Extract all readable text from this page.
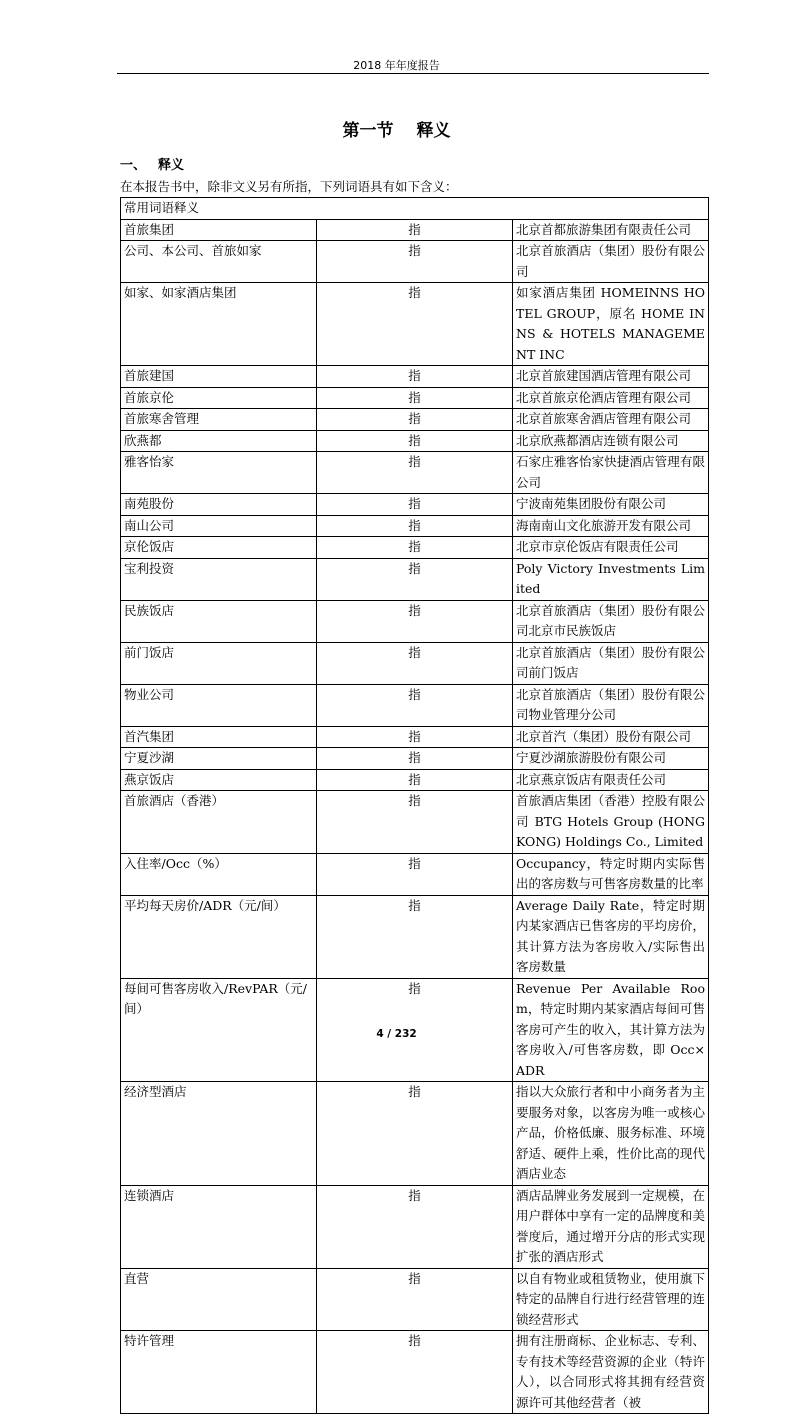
2018 年年度报告
第一节　 释义
一、 释义
在本报告书中，除非文义另有所指，下列词语具有如下含义：
常用词语释义		
首旅集团	指	北京首都旅游集团有限责任公司
公司、本公司、首旅如家	指	北京首旅酒店（集团）股份有限公司
如家、如家酒店集团	指	如家酒店集团 HOMEINNS HOTEL GROUP，原名 HOME INNS & HOTELS MANAGEMENT INC
首旅建国	指	北京首旅建国酒店管理有限公司
首旅京伦	指	北京首旅京伦酒店管理有限公司
首旅寒舍管理	指	北京首旅寒舍酒店管理有限公司
欣燕都	指	北京欣燕都酒店连锁有限公司
雅客怡家	指	石家庄雅客怡家快捷酒店管理有限公司
南苑股份	指	宁波南苑集团股份有限公司
南山公司	指	海南南山文化旅游开发有限公司
京伦饭店	指	北京市京伦饭店有限责任公司
宝利投资	指	Poly Victory Investments Limited
民族饭店	指	北京首旅酒店（集团）股份有限公司北京市民族饭店
前门饭店	指	北京首旅酒店（集团）股份有限公司前门饭店
物业公司	指	北京首旅酒店（集团）股份有限公司物业管理分公司
首汽集团	指	北京首汽（集团）股份有限公司
宁夏沙湖	指	宁夏沙湖旅游股份有限公司
燕京饭店	指	北京燕京饭店有限责任公司
首旅酒店（香港）	指	首旅酒店集团（香港）控股有限公司 BTG Hotels Group (HONG KONG) Holdings Co., Limited
入住率/Occ（%）	指	Occupancy，特定时期内实际售出的客房数与可售客房数量的比率
平均每天房价/ADR（元/间）	指	Average Daily Rate，特定时期内某家酒店已售客房的平均房价，其计算方法为客房收入/实际售出客房数量
每间可售客房收入/RevPAR（元/间）	指	Revenue Per Available Room，特定时期内某家酒店每间可售客房可产生的收入，其计算方法为客房收入/可售客房数，即 Occ×ADR
经济型酒店	指	指以大众旅行者和中小商务者为主要服务对象，以客房为唯一或核心产品，价格低廉、服务标准、环境舒适、硬件上乘，性价比高的现代酒店业态
连锁酒店	指	酒店品牌业务发展到一定规模，在用户群体中享有一定的品牌度和美誉度后，通过增开分店的形式实现扩张的酒店形式
直营	指	以自有物业或租赁物业，使用旗下特定的品牌自行进行经营管理的连锁经营形式
特许管理	指	拥有注册商标、企业标志、专利、专有技术等经营资源的企业（特许人），以合同形式将其拥有经营资源许可其他经营者（被
4 / 232
